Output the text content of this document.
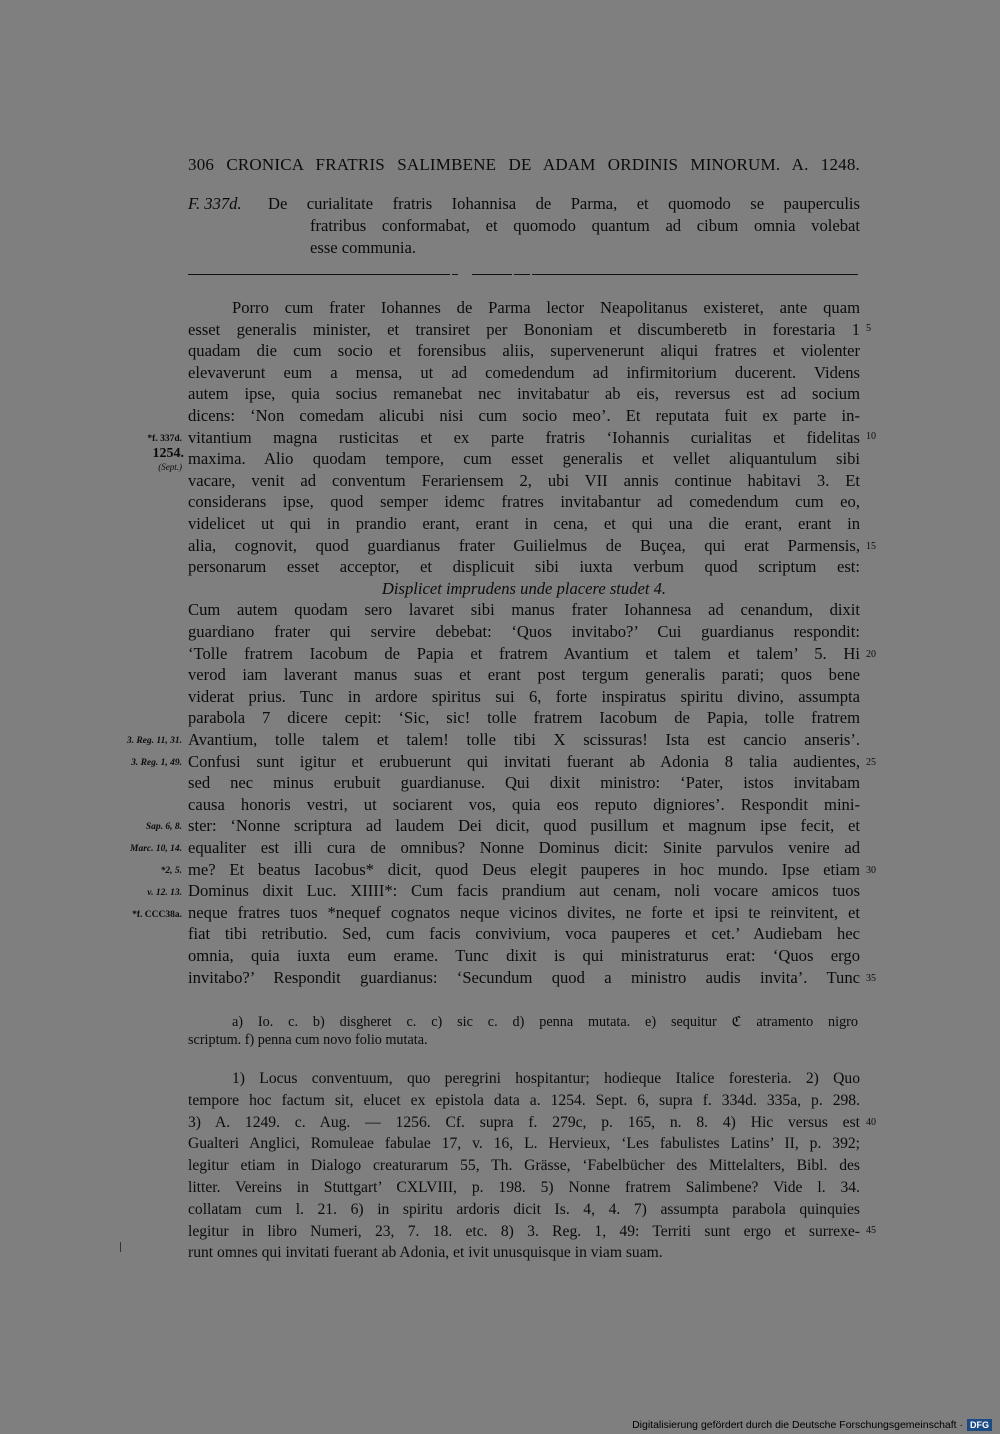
306 CRONICA FRATRIS SALIMBENE DE ADAM ORDINIS MINORUM. A. 1248.
F. 337d. De curialitate fratris Iohannisa de Parma, et quomodo se pauperculis
fratribus conformabat, et quomodo quantum ad cibum omnia volebat
esse communia.
Porro cum frater Iohannes de Parma lector Neapolitanus existeret, ante quam
esset generalis minister, et transiret per Bononiam et discumberetb in forestaria 1
quadam die cum socio et forensibus aliis, supervenerunt aliqui fratres et violenter
elevaverunt eum a mensa, ut ad comedendum ad infirmitorium ducerent. Videns
autem ipse, quia socius remanebat nec invitabatur ab eis, reversus est ad socium
dicens: ‘Non comedam alicubi nisi cum socio meo’. Et reputata fuit ex parte in-
vitantium magna rusticitas et ex parte fratris ‘Iohannis curialitas et fidelitas
maxima. Alio quodam tempore, cum esset generalis et vellet aliquantulum sibi
vacare, venit ad conventum Ferariensem 2, ubi VII annis continue habitavi 3. Et
considerans ipse, quod semper idemc fratres invitabantur ad comedendum cum eo,
videlicet ut qui in prandio erant, erant in cena, et qui una die erant, erant in
alia, cognovit, quod guardianus frater Guilielmus de Buçea, qui erat Parmensis,
personarum esset acceptor, et displicuit sibi iuxta verbum quod scriptum est:
Displicet imprudens unde placere studet 4.
Cum autem quodam sero lavaret sibi manus frater Iohannesa ad cenandum, dixit
guardiano frater qui servire debebat: ‘Quos invitabo?’ Cui guardianus respondit:
‘Tolle fratrem Iacobum de Papia et fratrem Avantium et talem et talem’ 5. Hi
verod iam laverant manus suas et erant post tergum generalis parati; quos bene
viderat prius. Tunc in ardore spiritus sui 6, forte inspiratus spiritu divino, assumpta
parabola 7 dicere cepit: ‘Sic, sic! tolle fratrem Iacobum de Papia, tolle fratrem
Avantium, tolle talem et talem! tolle tibi X scissuras! Ista est cancio anseris’.
Confusi sunt igitur et erubuerunt qui invitati fuerant ab Adonia 8 talia audientes,
sed nec minus erubuit guardianuse. Qui dixit ministro: ‘Pater, istos invitabam
causa honoris vestri, ut sociarent vos, quia eos reputo digniores’. Respondit mini-
ster: ‘Nonne scriptura ad laudem Dei dicit, quod pusillum et magnum ipse fecit, et
equaliter est illi cura de omnibus? Nonne Dominus dicit: Sinite parvulos venire ad
me? Et beatus Iacobus* dicit, quod Deus elegit pauperes in hoc mundo. Ipse etiam
Dominus dixit Luc. XIIII*: Cum facis prandium aut cenam, noli vocare amicos tuos
neque fratres tuos *nequef cognatos neque vicinos divites, ne forte et ipsi te reinvitent, et
fiat tibi retributio. Sed, cum facis convivium, voca pauperes et cet.’ Audiebam hec
omnia, quia iuxta eum erame. Tunc dixit is qui ministraturus erat: ‘Quos ergo
invitabo?’ Respondit guardianus: ‘Secundum quod a ministro audis invita’. Tunc
5
10
15
20
25
30
35
*f. 337d.
1254.
(Sept.)
3. Reg. 11, 31.
3. Reg. 1, 49.
Sap. 6, 8.
Marc. 10, 14.
*2, 5.
v. 12. 13.
*f. CCC38a.
a) Io. c. b) disgheret c. c) sic c. d) penna mutata. e) sequitur ℭ atramento nigro
scriptum. f) penna cum novo folio mutata.
1) Locus conventuum, quo peregrini hospitantur; hodieque Italice foresteria. 2) Quo
tempore hoc factum sit, elucet ex epistola data a. 1254. Sept. 6, supra f. 334d. 335a, p. 298.
3) A. 1249. c. Aug. — 1256. Cf. supra f. 279c, p. 165, n. 8. 4) Hic versus est
Gualteri Anglici, Romuleae fabulae 17, v. 16, L. Hervieux, ‘Les fabulistes Latins’ II, p. 392;
legitur etiam in Dialogo creaturarum 55, Th. Grässe, ‘Fabelbücher des Mittelalters, Bibl. des
litter. Vereins in Stuttgart’ CXLVIII, p. 198. 5) Nonne fratrem Salimbene? Vide l. 34.
collatam cum l. 21. 6) in spiritu ardoris dicit Is. 4, 4. 7) assumpta parabola quinquies
legitur in libro Numeri, 23, 7. 18. etc. 8) 3. Reg. 1, 49: Territi sunt ergo et surrexe-
runt omnes qui invitati fuerant ab Adonia, et ivit unusquisque in viam suam.
40
45
Digitalisierung gefördert durch die Deutsche Forschungsgemeinschaft · DFG
